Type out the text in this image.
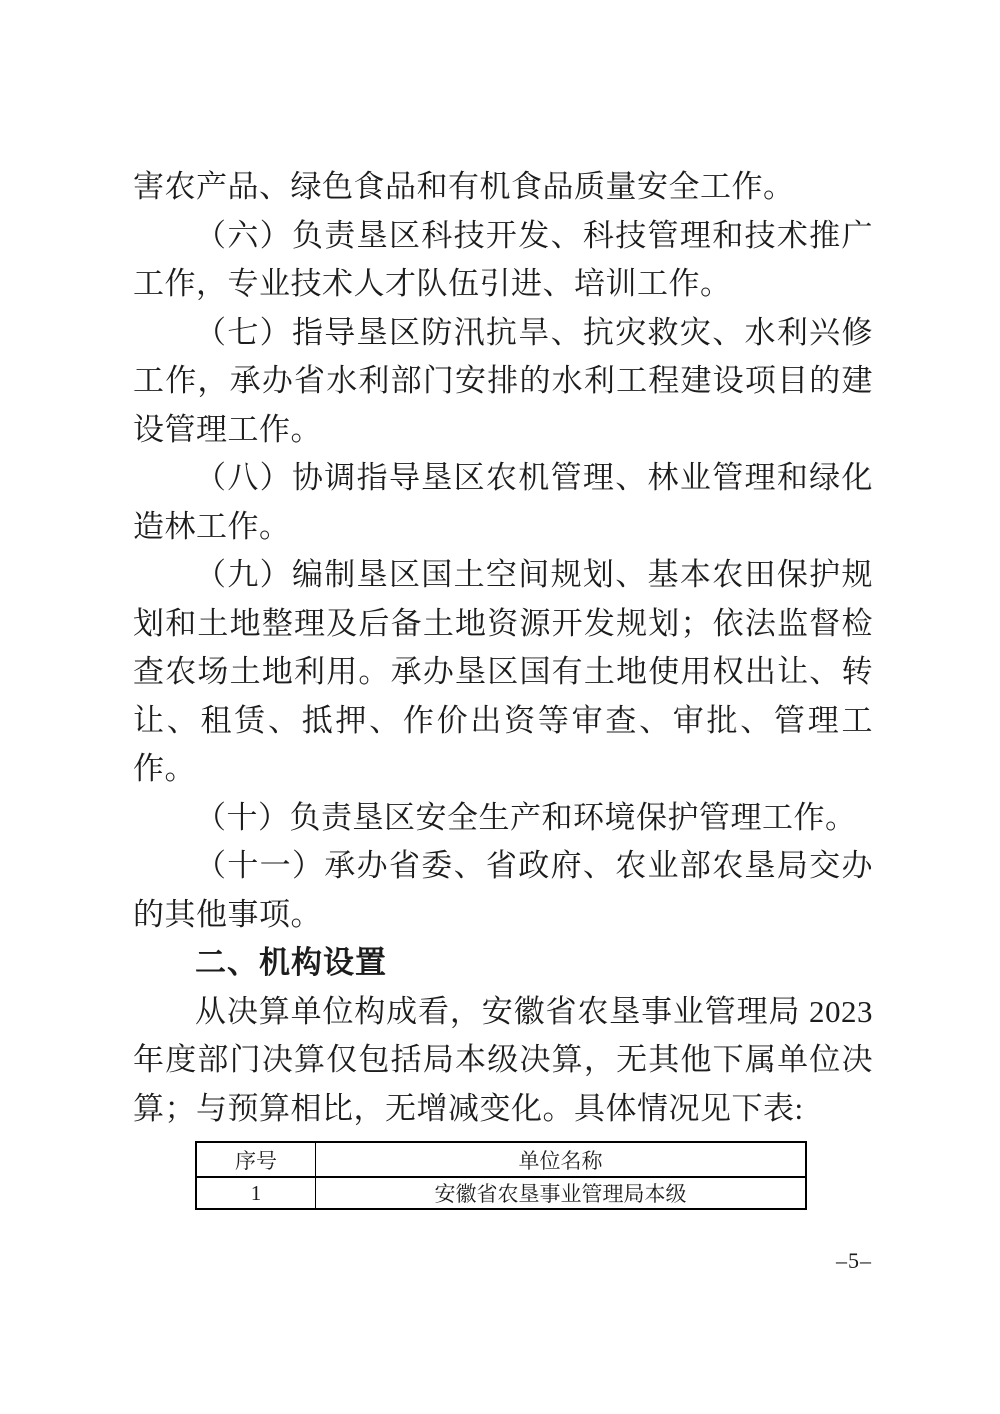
害农产品、绿色食品和有机食品质量安全工作。

（六）负责垦区科技开发、科技管理和技术推广工作，专业技术人才队伍引进、培训工作。

（七）指导垦区防汛抗旱、抗灾救灾、水利兴修工作，承办省水利部门安排的水利工程建设项目的建设管理工作。

（八）协调指导垦区农机管理、林业管理和绿化造林工作。

（九）编制垦区国土空间规划、基本农田保护规划和土地整理及后备土地资源开发规划；依法监督检查农场土地利用。承办垦区国有土地使用权出让、转让、租赁、抵押、作价出资等审查、审批、管理工作。

（十）负责垦区安全生产和环境保护管理工作。

（十一）承办省委、省政府、农业部农垦局交办的其他事项。

二、机构设置

从决算单位构成看，安徽省农垦事业管理局 2023 年度部门决算仅包括局本级决算，无其他下属单位决算；与预算相比，无增减变化。具体情况见下表:

序号	单位名称
1	安徽省农垦事业管理局本级
–5–
